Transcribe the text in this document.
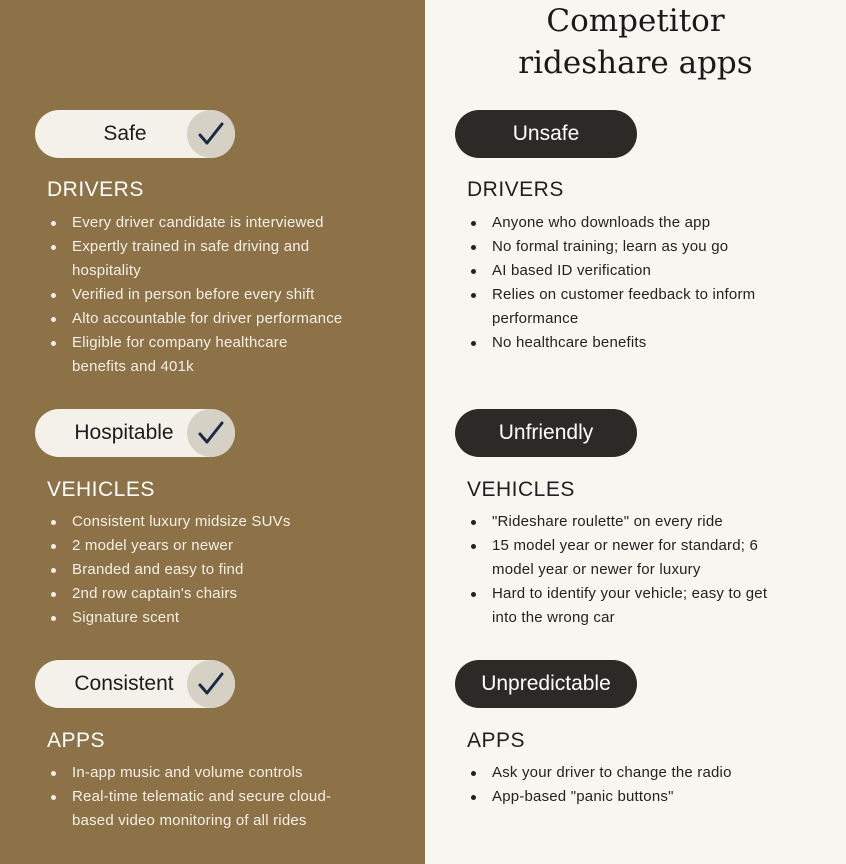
Competitor
rideshare apps
Safe
DRIVERS
Every driver candidate is interviewed
Expertly trained in safe driving and hospitality
Verified in person before every shift
Alto accountable for driver performance
Eligible for company healthcare benefits and 401k
Hospitable
VEHICLES
Consistent luxury midsize SUVs
2 model years or newer
Branded and easy to find
2nd row captain's chairs
Signature scent
Consistent
APPS
In-app music and volume controls
Real-time telematic and secure cloud-based video monitoring of all rides
Unsafe
DRIVERS
Anyone who downloads the app
No formal training; learn as you go
AI based ID verification
Relies on customer feedback to inform performance
No healthcare benefits
Unfriendly
VEHICLES
"Rideshare roulette" on every ride
15 model year or newer for standard; 6 model year or newer for luxury
Hard to identify your vehicle; easy to get into the wrong car
Unpredictable
APPS
Ask your driver to change the radio
App-based "panic buttons"
